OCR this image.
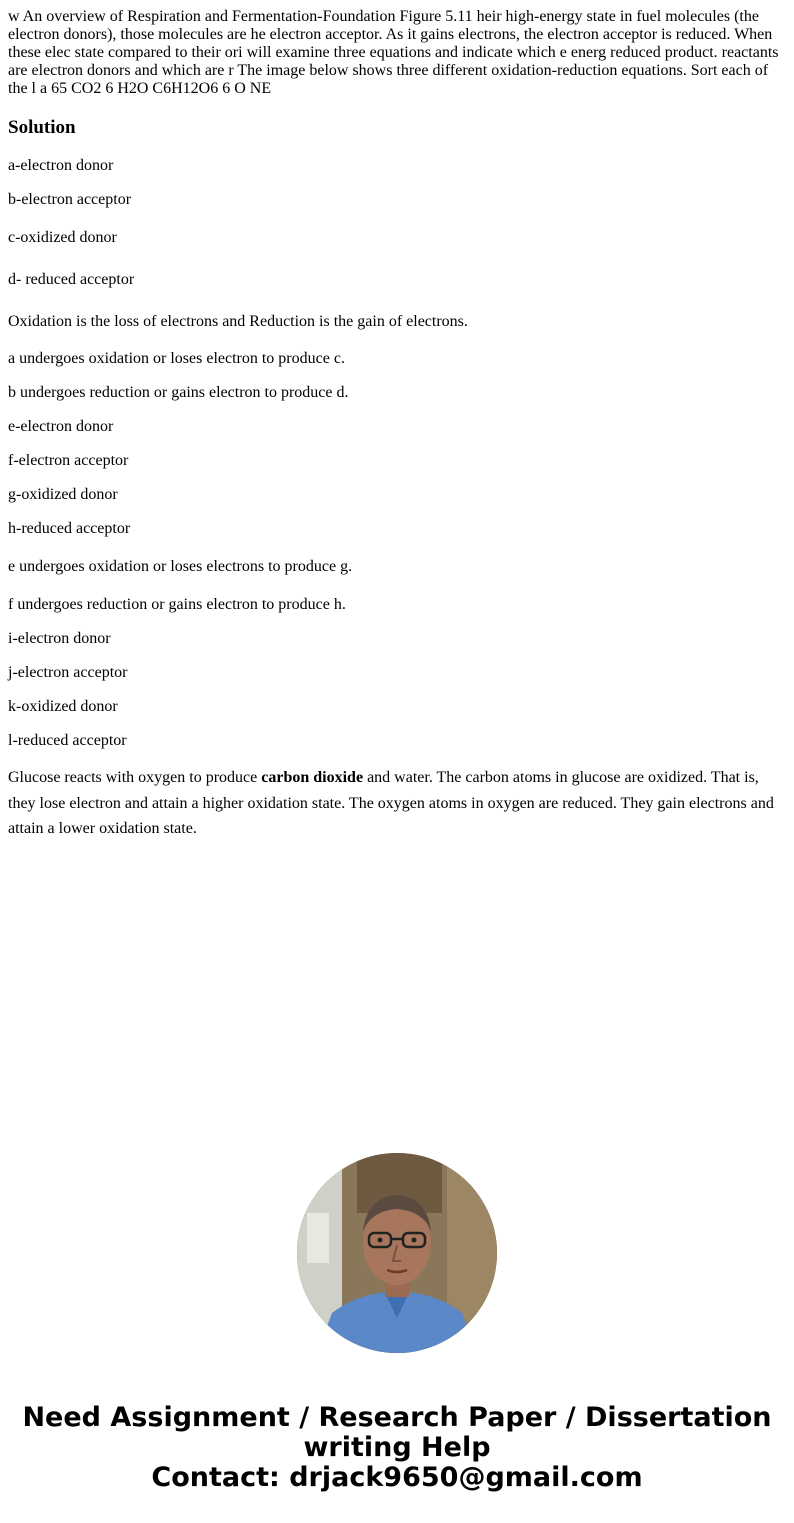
w An overview of Respiration and Fermentation-Foundation Figure 5.11 heir high-energy state in fuel molecules (the electron donors), those molecules are he electron acceptor. As it gains electrons, the electron acceptor is reduced. When these elec state compared to their ori will examine three equations and indicate which e energ reduced product. reactants are electron donors and which are r The image below shows three different oxidation-reduction equations. Sort each of the l a 65 CO2 6 H2O C6H12O6 6 O NE

Solution

a-electron donor

b-electron acceptor

c-oxidized donor

d- reduced acceptor

Oxidation is the loss of electrons and Reduction is the gain of electrons.

a undergoes oxidation or loses electron to produce c.

b undergoes reduction or gains electron to produce d.

e-electron donor

f-electron acceptor

g-oxidized donor

h-reduced acceptor

e undergoes oxidation or loses electrons to produce g.

f undergoes reduction or gains electron to produce h.

i-electron donor

j-electron acceptor

k-oxidized donor

l-reduced acceptor

Glucose reacts with oxygen to produce carbon dioxide and water. The carbon atoms in glucose are oxidized. That is, they lose electron and attain a higher oxidation state. The oxygen atoms in oxygen are reduced. They gain electrons and attain a lower oxidation state.

Need Assignment / Research Paper / Dissertation
writing Help
Contact: drjack9650@gmail.com
